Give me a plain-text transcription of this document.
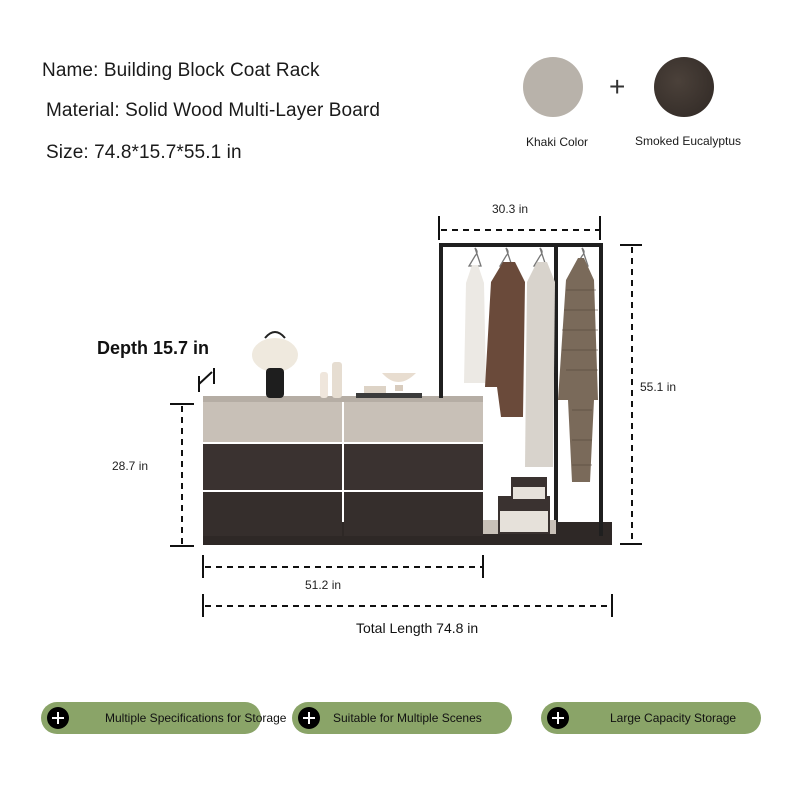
Name: Building Block Coat Rack
Material: Solid Wood Multi-Layer Board
Size: 74.8*15.7*55.1 in
+
Khaki Color	Smoked Eucalyptus
30.3 in
55.1 in
Depth 15.7 in
28.7 in
51.2 in
Total Length 74.8 in
Multiple Specifications for Storage	Suitable for Multiple Scenes	Large Capacity Storage
